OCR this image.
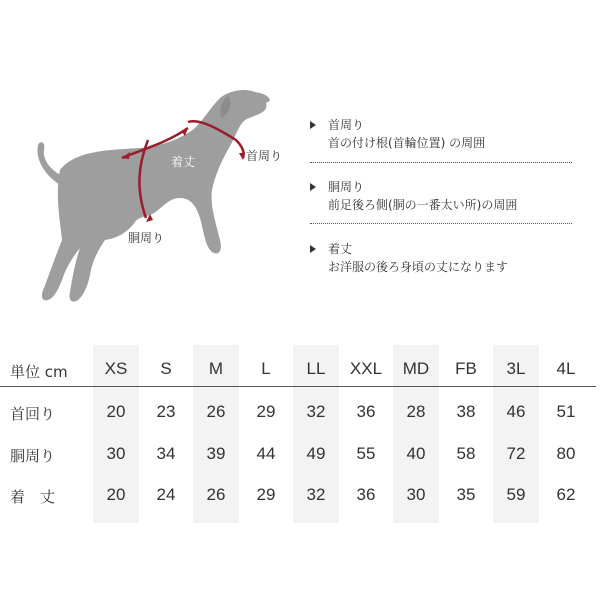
着丈	首周り
胴周り
首周り
首の付け根(首輪位置) の周囲
胴周り
前足後ろ側(胴の一番太い所)の周囲
着丈
お洋服の後ろ身頃の丈になります
単位 cm	XS	S	M	L	LL	XXL	MD	FB	3L	4L
首回り	20	23	26	29	32	36	28	38	46	51
胴周り	30	34	39	44	49	55	40	58	72	80
着　丈	20	24	26	29	32	36	30	35	59	62
